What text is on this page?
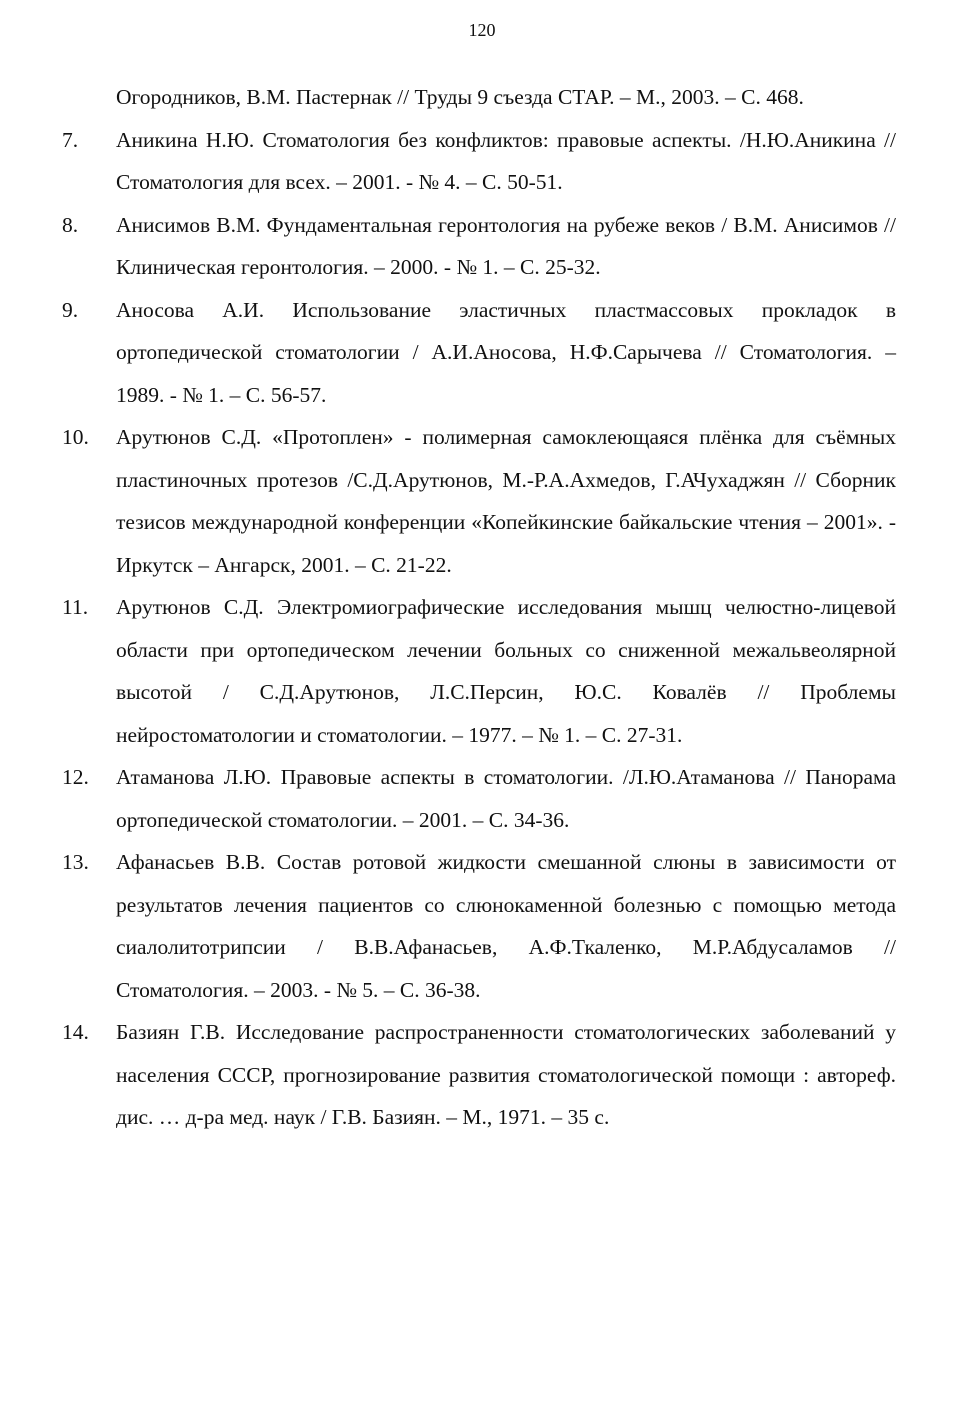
120
Огородников, В.М. Пастернак // Труды 9 съезда СТАР. – М., 2003. – С. 468.
7. Аникина Н.Ю. Стоматология без конфликтов: правовые аспекты. /Н.Ю.Аникина // Стоматология для всех. – 2001. - № 4. – С. 50-51.
8. Анисимов В.М. Фундаментальная геронтология на рубеже веков / В.М. Анисимов // Клиническая геронтология. – 2000. - № 1. – С. 25-32.
9. Аносова А.И. Использование эластичных пластмассовых прокладок в ортопедической стоматологии / А.И.Аносова, Н.Ф.Сарычева // Стоматология. – 1989. - № 1. – С. 56-57.
10. Арутюнов С.Д. «Протоплен» - полимерная самоклеющаяся плёнка для съёмных пластиночных протезов /С.Д.Арутюнов, М.-Р.А.Ахмедов, Г.АЧухаджян // Сборник тезисов международной конференции «Копейкинские байкальские чтения – 2001». - Иркутск – Ангарск, 2001. – С. 21-22.
11. Арутюнов С.Д. Электромиографические исследования мышц челюстно-лицевой области при ортопедическом лечении больных со сниженной межальвеолярной высотой / С.Д.Арутюнов, Л.С.Персин, Ю.С. Ковалёв // Проблемы нейростоматологии и стоматологии. – 1977. – № 1. – С. 27-31.
12. Атаманова Л.Ю. Правовые аспекты в стоматологии. /Л.Ю.Атаманова // Панорама ортопедической стоматологии. – 2001. – С. 34-36.
13. Афанасьев В.В. Состав ротовой жидкости смешанной слюны в зависимости от результатов лечения пациентов со слюнокаменной болезнью с помощью метода сиалолитотрипсии / В.В.Афанасьев, А.Ф.Ткаленко, М.Р.Абдусаламов // Стоматология. – 2003. - № 5. – С. 36-38.
14. Базиян Г.В. Исследование распространенности стоматологических заболеваний у населения СССР, прогнозирование развития стоматологической помощи : автореф. дис. … д-ра мед. наук / Г.В. Базиян. – М., 1971. – 35 с.
